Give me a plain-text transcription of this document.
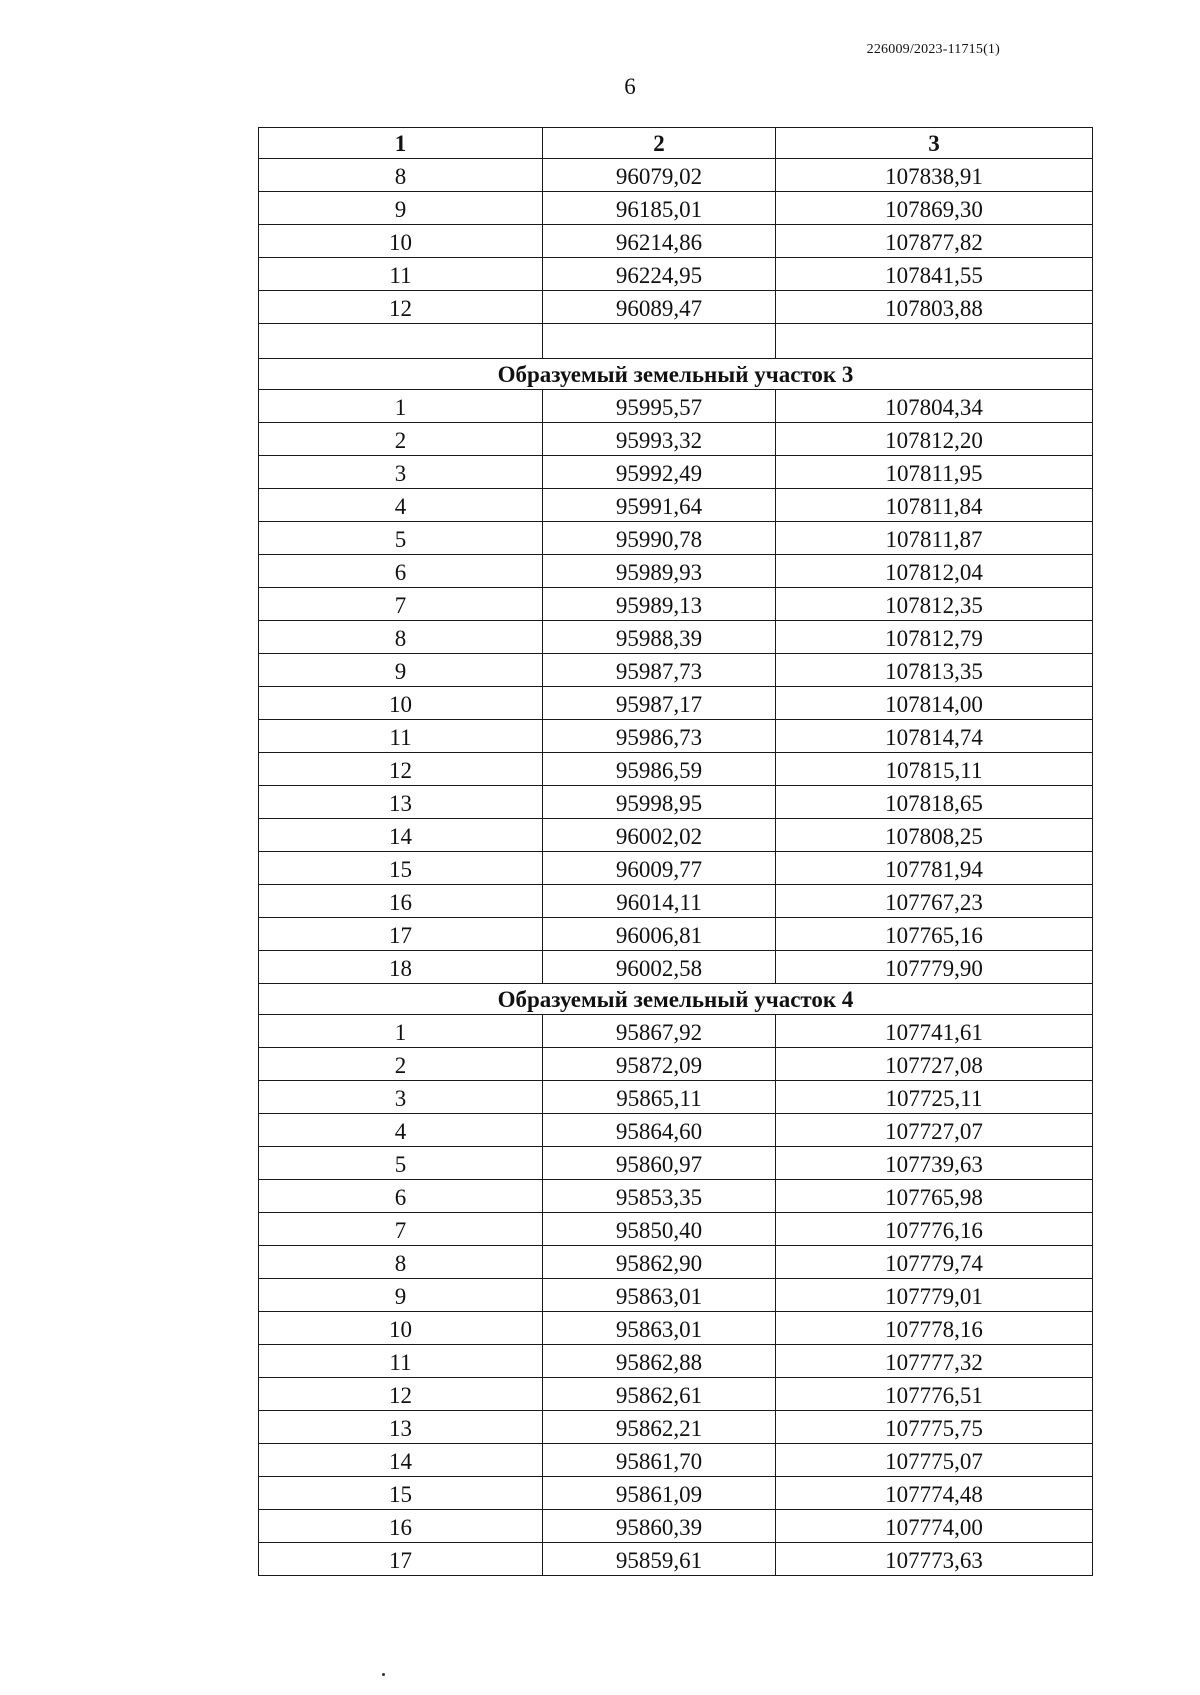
226009/2023-11715(1)
6
1	2	3
8	96079,02	107838,91
9	96185,01	107869,30
10	96214,86	107877,82
11	96224,95	107841,55
12	96089,47	107803,88

Образуемый земельный участок 3		
1	95995,57	107804,34
2	95993,32	107812,20
3	95992,49	107811,95
4	95991,64	107811,84
5	95990,78	107811,87
6	95989,93	107812,04
7	95989,13	107812,35
8	95988,39	107812,79
9	95987,73	107813,35
10	95987,17	107814,00
11	95986,73	107814,74
12	95986,59	107815,11
13	95998,95	107818,65
14	96002,02	107808,25
15	96009,77	107781,94
16	96014,11	107767,23
17	96006,81	107765,16
18	96002,58	107779,90
Образуемый земельный участок 4		
1	95867,92	107741,61
2	95872,09	107727,08
3	95865,11	107725,11
4	95864,60	107727,07
5	95860,97	107739,63
6	95853,35	107765,98
7	95850,40	107776,16
8	95862,90	107779,74
9	95863,01	107779,01
10	95863,01	107778,16
11	95862,88	107777,32
12	95862,61	107776,51
13	95862,21	107775,75
14	95861,70	107775,07
15	95861,09	107774,48
16	95860,39	107774,00
17	95859,61	107773,63
